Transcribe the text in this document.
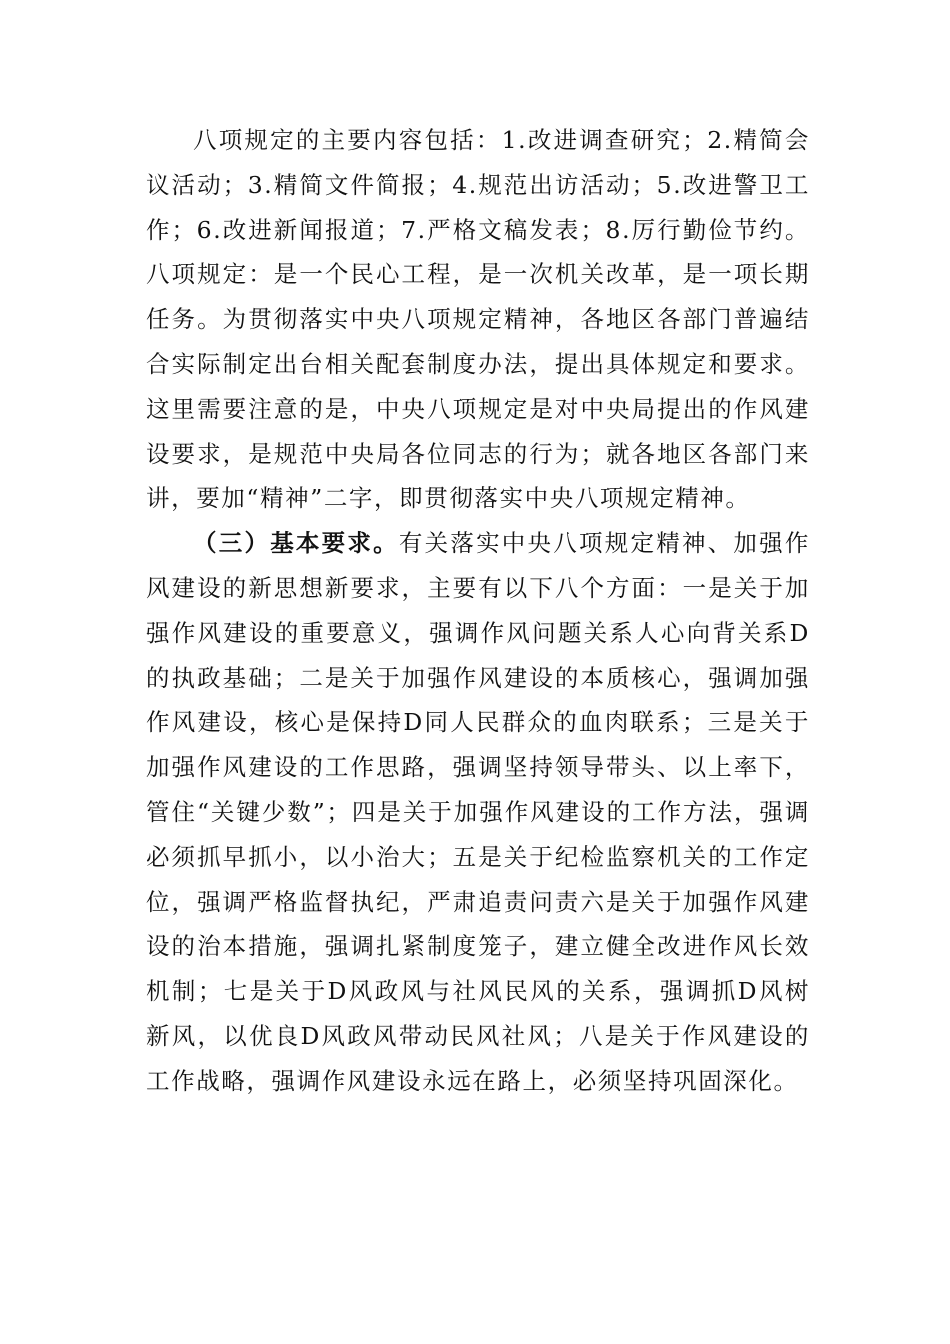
八项规定的主要内容包括：1.改进调查研究；2.精简会议活动；3.精简文件简报；4.规范出访活动；5.改进警卫工作；6.改进新闻报道；7.严格文稿发表；8.厉行勤俭节约。八项规定：是一个民心工程，是一次机关改革，是一项长期任务。为贯彻落实中央八项规定精神，各地区各部门普遍结合实际制定出台相关配套制度办法，提出具体规定和要求。这里需要注意的是，中央八项规定是对中央局提出的作风建设要求，是规范中央局各位同志的行为；就各地区各部门来讲，要加“精神”二字，即贯彻落实中央八项规定精神。

（三）基本要求。有关落实中央八项规定精神、加强作风建设的新思想新要求，主要有以下八个方面：一是关于加强作风建设的重要意义，强调作风问题关系人心向背关系D的执政基础；二是关于加强作风建设的本质核心，强调加强作风建设，核心是保持D同人民群众的血肉联系；三是关于加强作风建设的工作思路，强调坚持领导带头、以上率下，管住“关键少数”；四是关于加强作风建设的工作方法，强调必须抓早抓小，以小治大；五是关于纪检监察机关的工作定位，强调严格监督执纪，严肃追责问责六是关于加强作风建设的治本措施，强调扎紧制度笼子，建立健全改进作风长效机制；七是关于D风政风与社风民风的关系，强调抓D风树新风，以优良D风政风带动民风社风；八是关于作风建设的工作战略，强调作风建设永远在路上，必须坚持巩固深化。
